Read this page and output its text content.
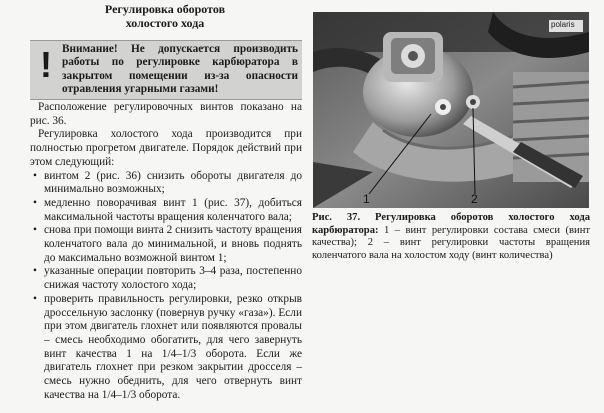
Регулировка оборотов
холостого хода
! Внимание! Не допускается производить работы по регулировке карбюратора в закрытом помещении из-за опасности отравления угарными газами!

Расположение регулировочных винтов показано на рис. 36.

Регулировка холостого хода производится при полностью прогретом двигателе. Порядок действий при этом следующий:

• винтом 2 (рис. 36) снизить обороты двигателя до минимально возможных;
• медленно поворачивая винт 1 (рис. 37), добиться максимальной частоты вращения коленчатого вала;
• снова при помощи винта 2 снизить частоту вращения коленчатого вала до минимальной, и вновь поднять до максимально возможной винтом 1;
• указанные операции повторить 3–4 раза, постепенно снижая частоту холостого хода;
• проверить правильность регулировки, резко открыв дроссельную заслонку (повернув ручку «газа»). Если при этом двигатель глохнет или появляются провалы – смесь необходимо обогатить, для чего завернуть винт качества 1 на 1/4–1/3 оборота. Если же двигатель глохнет при резком закрытии дросселя – смесь нужно обеднить, для чего отвернуть винт качества на 1/4–1/3 оборота.
1	2
polaris
Рис. 37. Регулировка оборотов холостого хода карбюратора: 1 – винт регулировки состава смеси (винт качества); 2 – винт регулировки частоты вращения коленчатого вала на холостом ходу (винт количества)
